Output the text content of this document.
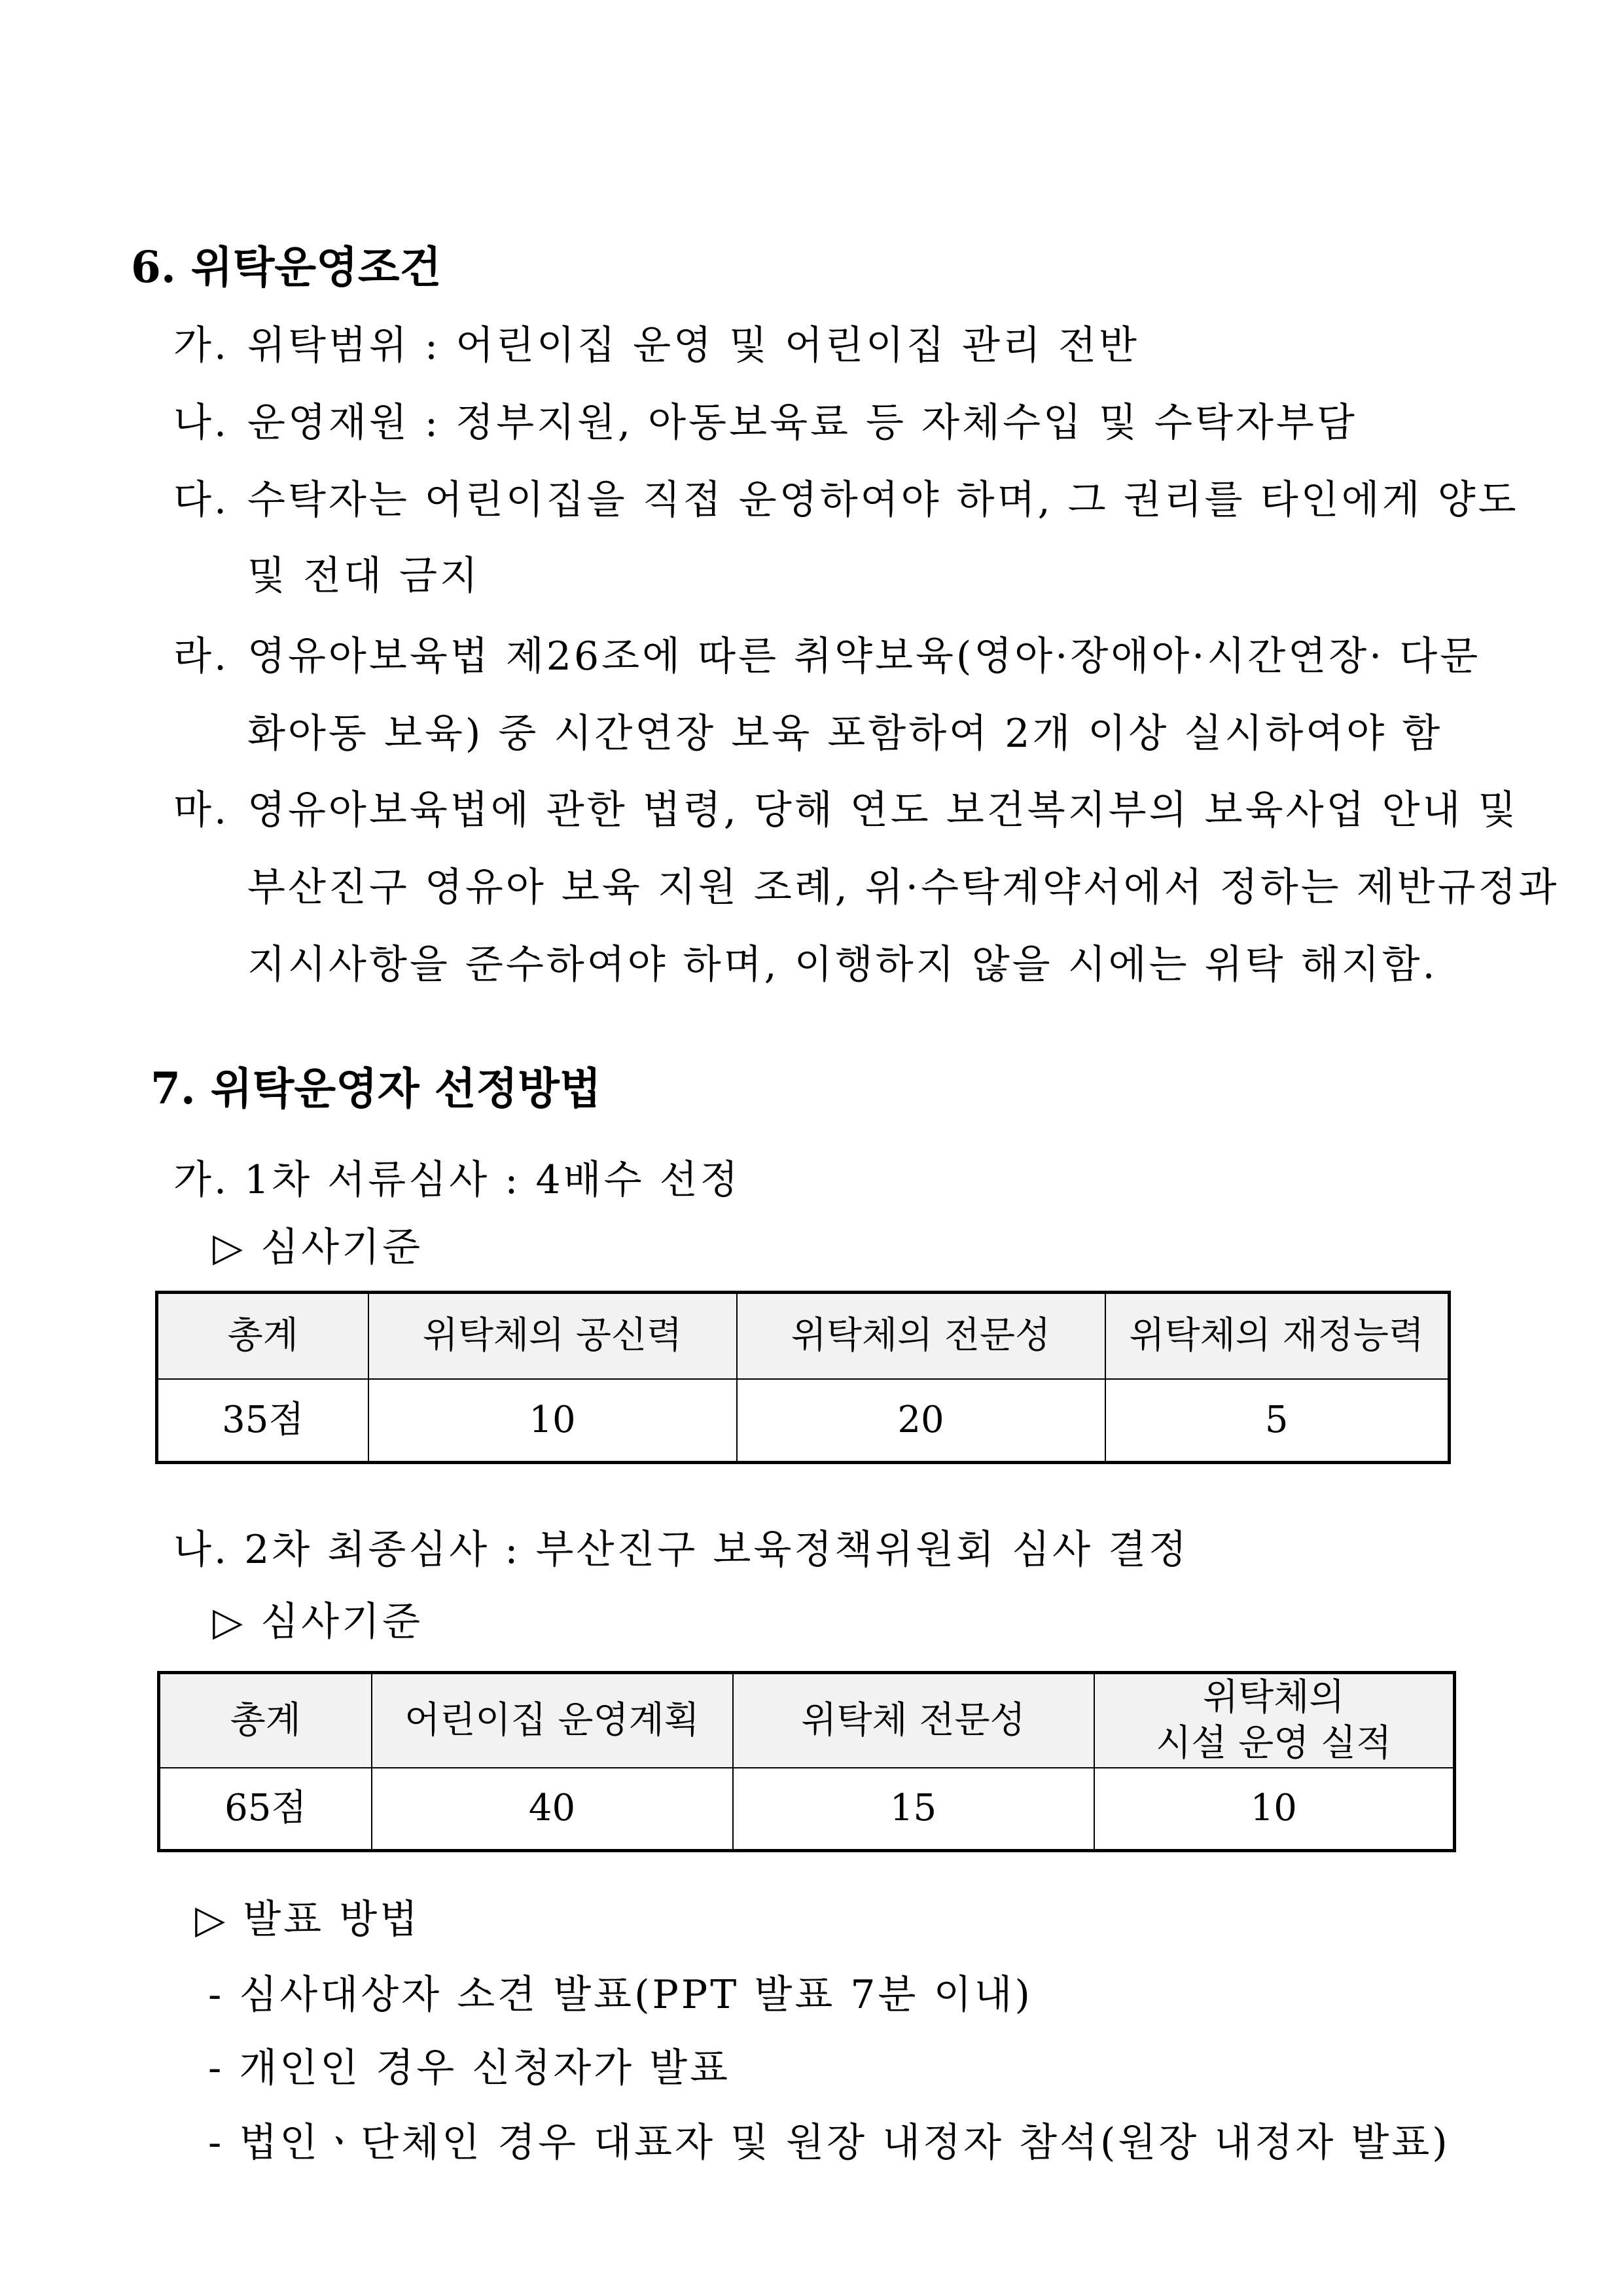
6. 위탁운영조건
가. 위탁범위 : 어린이집 운영 및 어린이집 관리 전반
나. 운영재원 : 정부지원, 아동보육료 등 자체수입 및 수탁자부담
다. 수탁자는 어린이집을 직접 운영하여야 하며, 그 권리를 타인에게 양도
및 전대 금지
라. 영유아보육법 제26조에 따른 취약보육(영아·장애아·시간연장· 다문
화아동 보육) 중 시간연장 보육 포함하여 2개 이상 실시하여야 함
마. 영유아보육법에 관한 법령, 당해 연도 보건복지부의 보육사업 안내 및
부산진구 영유아 보육 지원 조례, 위·수탁계약서에서 정하는 제반규정과
지시사항을 준수하여야 하며, 이행하지 않을 시에는 위탁 해지함.
7. 위탁운영자 선정방법
가. 1차 서류심사 : 4배수 선정
▷ 심사기준
총계	위탁체의 공신력	위탁체의 전문성	위탁체의 재정능력
35점	10	20	5
나. 2차 최종심사 : 부산진구 보육정책위원회 심사 결정
▷ 심사기준
총계	어린이집 운영계획	위탁체 전문성	위탁체의
시설 운영 실적

65점	40	15	10
▷ 발표 방법
- 심사대상자 소견 발표(PPT 발표 7분 이내)
- 개인인 경우 신청자가 발표
- 법인ㆍ단체인 경우 대표자 및 원장 내정자 참석(원장 내정자 발표)
